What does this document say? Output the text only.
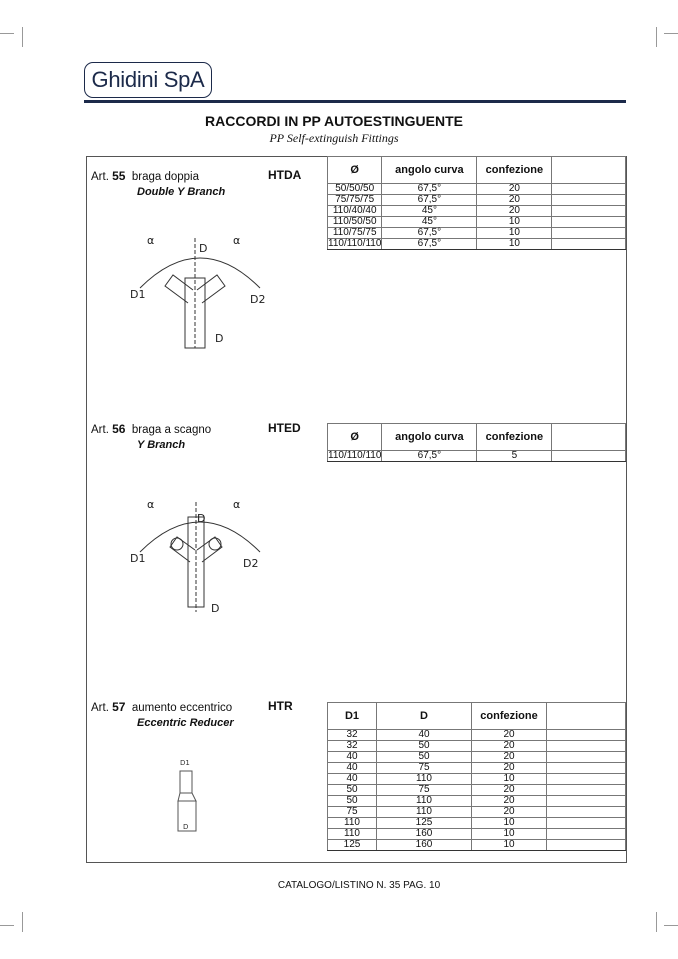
Ghidini SpA
RACCORDI IN PP AUTOESTINGUENTE
PP Self-extinguish Fittings
Art. 55 braga doppia
Double Y Branch
HTDA
α	α
D
D1	D2
D
Ø	angolo curva	confezione	
50/50/50	67,5°	20	
75/75/75	67,5°	20	
110/40/40	45°	20	
110/50/50	45°	10	
110/75/75	67,5°	10	
110/110/110	67,5°	10	
Art. 56 braga a scagno
Y Branch
HTED
α	α
D
D1	D2
D
Ø	angolo curva	confezione	
110/110/110	67,5°	5	
Art. 57 aumento eccentrico
Eccentric Reducer
HTR
D1
D
D1	D	confezione	
32	40	20	
32	50	20	
40	50	20	
40	75	20	
40	110	10	
50	75	20	
50	110	20	
75	110	20	
110	125	10	
110	160	10	
125	160	10	
CATALOGO/LISTINO N. 35 PAG. 10
